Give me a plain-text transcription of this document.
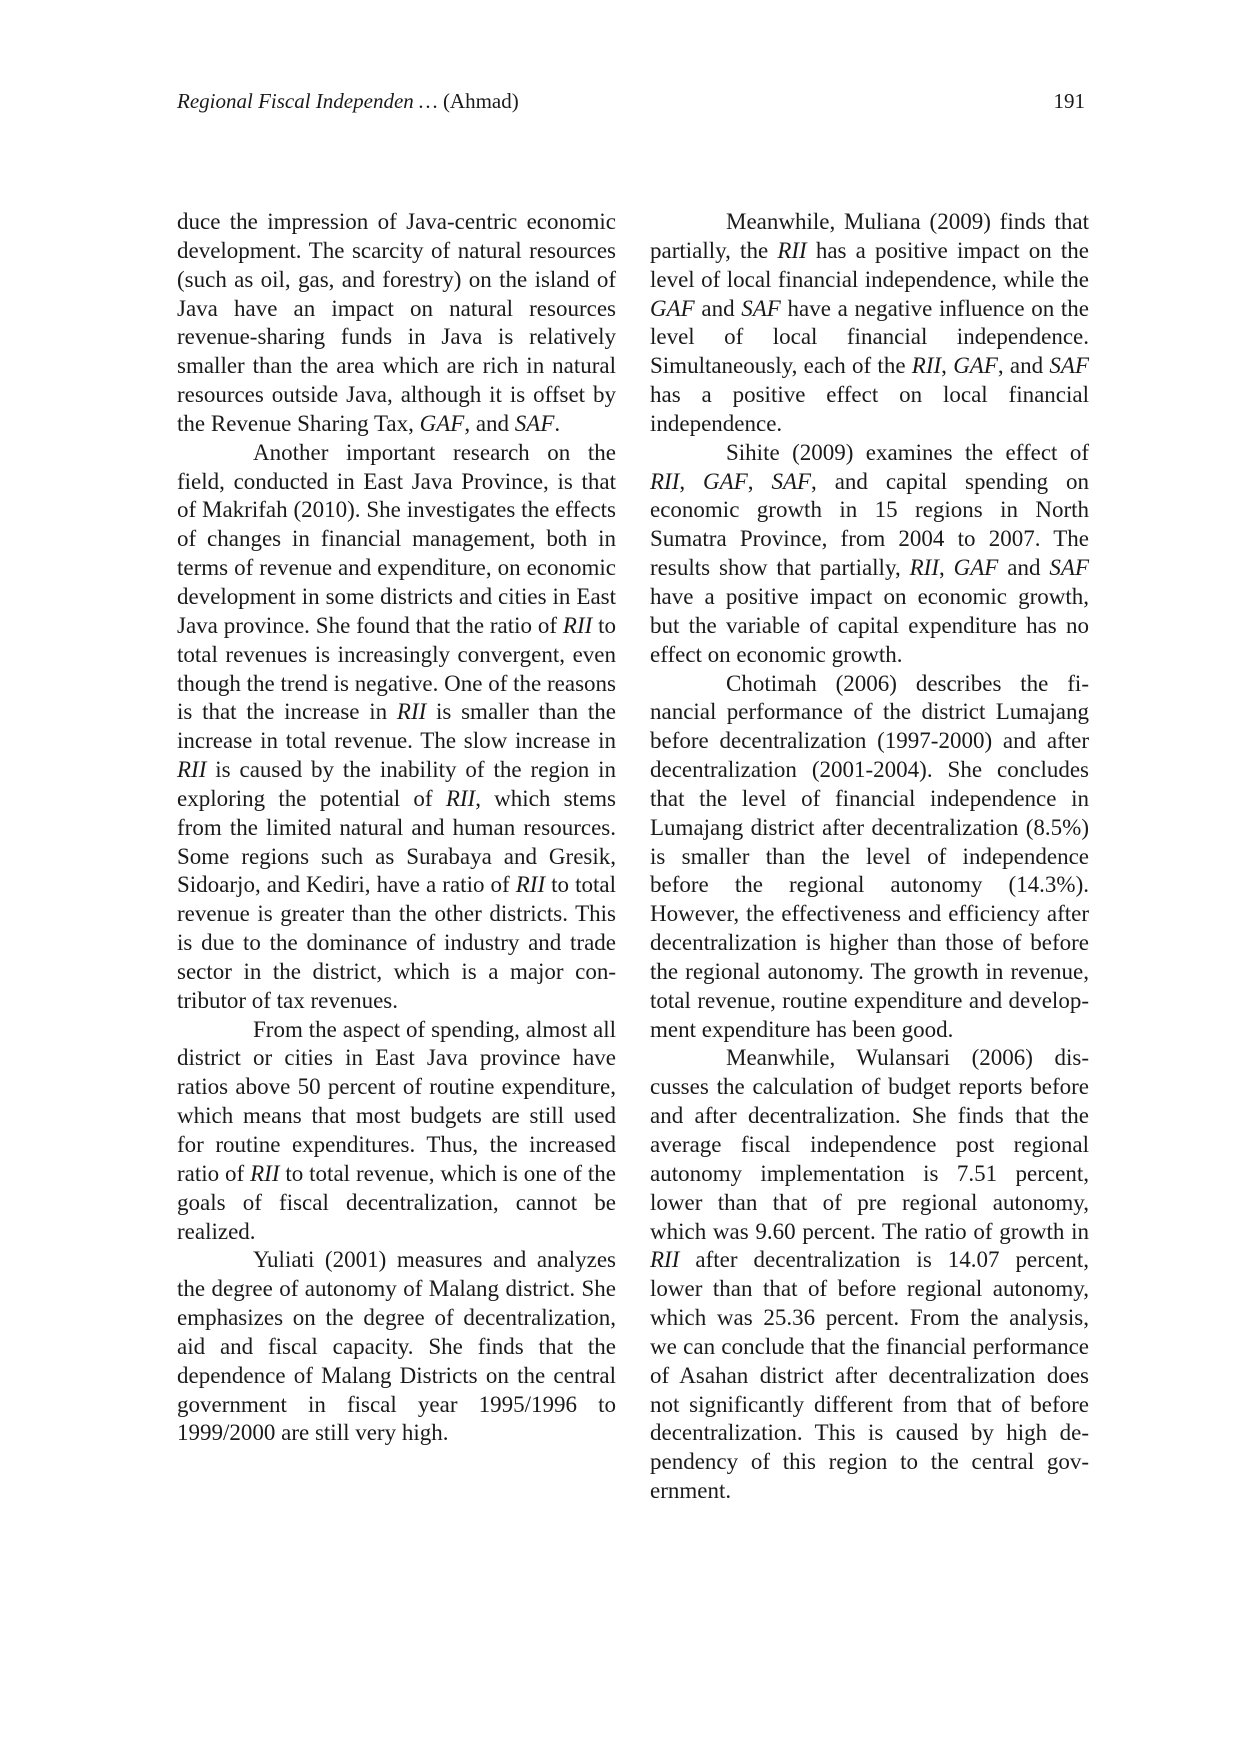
Regional Fiscal Independen … (Ahmad)	191

duce the impression of Java-centric economic development. The scarcity of natural resources (such as oil, gas, and forestry) on the island of Java have an impact on natural resources revenue-sharing funds in Java is relatively smaller than the area which are rich in natural resources outside Java, although it is offset by the Revenue Sharing Tax, GAF, and SAF.

Another important research on the field, conducted in East Java Province, is that of Makrifah (2010). She investigates the effects of changes in financial management, both in terms of revenue and expenditure, on economic development in some districts and cities in East Java province. She found that the ratio of RII to total revenues is increasingly convergent, even though the trend is negative. One of the reasons is that the increase in RII is smaller than the increase in total revenue. The slow increase in RII is caused by the inability of the region in exploring the potential of RII, which stems from the limited natural and human resources. Some regions such as Surabaya and Gresik, Sidoarjo, and Kediri, have a ratio of RII to total revenue is greater than the other districts. This is due to the dominance of industry and trade sector in the district, which is a major contributor of tax revenues.

From the aspect of spending, almost all district or cities in East Java province have ratios above 50 percent of routine expenditure, which means that most budgets are still used for routine expenditures. Thus, the increased ratio of RII to total revenue, which is one of the goals of fiscal decentralization, cannot be realized.

Yuliati (2001) measures and analyzes the degree of autonomy of Malang district. She emphasizes on the degree of decentralization, aid and fiscal capacity. She finds that the dependence of Malang Districts on the central government in fiscal year 1995/1996 to 1999/2000 are still very high.

Meanwhile, Muliana (2009) finds that partially, the RII has a positive impact on the level of local financial independence, while the GAF and SAF have a negative influence on the level of local financial independence. Simultaneously, each of the RII, GAF, and SAF has a positive effect on local financial independence.

Sihite (2009) examines the effect of RII, GAF, SAF, and capital spending on economic growth in 15 regions in North Sumatra Province, from 2004 to 2007. The results show that partially, RII, GAF and SAF have a positive impact on economic growth, but the variable of capital expenditure has no effect on economic growth.

Chotimah (2006) describes the financial performance of the district Lumajang before decentralization (1997-2000) and after decentralization (2001-2004). She concludes that the level of financial independence in Lumajang district after decentralization (8.5%) is smaller than the level of independence before the regional autonomy (14.3%). However, the effectiveness and efficiency after decentralization is higher than those of before the regional autonomy. The growth in revenue, total revenue, routine expenditure and development expenditure has been good.

Meanwhile, Wulansari (2006) discusses the calculation of budget reports before and after decentralization. She finds that the average fiscal independence post regional autonomy implementation is 7.51 percent, lower than that of pre regional autonomy, which was 9.60 percent. The ratio of growth in RII after decentralization is 14.07 percent, lower than that of before regional autonomy, which was 25.36 percent. From the analysis, we can conclude that the financial performance of Asahan district after decentralization does not significantly different from that of before decentralization. This is caused by high dependency of this region to the central government.
